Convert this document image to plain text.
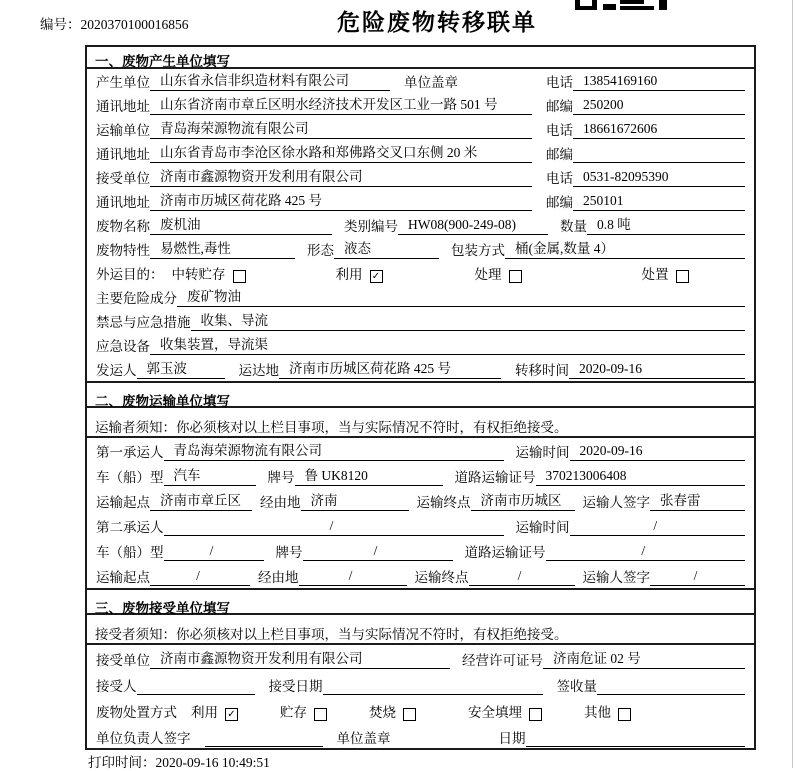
编号：2020370100016856	危险废物转移联单
一、废物产生单位填写
产生单位 山东省永信非织造材料有限公司	单位盖章	电话 13854169160
通讯地址 山东省济南市章丘区明水经济技术开发区工业一路 501 号	邮编 250200
运输单位 青岛海荣源物流有限公司	电话 18661672606
通讯地址 山东省青岛市李沧区徐水路和郑佛路交叉口东侧 20 米	邮编
接受单位 济南市鑫源物资开发利用有限公司	电话 0531-82095390
通讯地址 济南市历城区荷花路 425 号	邮编 250101
废物名称 废机油	类别编号 HW08(900-249-08)	数量 0.8 吨
废物特性 易燃性,毒性	形态 液态	包装方式 桶(金属,数量 4）
外运目的： 中转贮存	利用 ✓	处理	处置
主要危险成分 废矿物油
禁忌与应急措施 收集、导流
应急设备 收集装置，导流渠
发运人 郭玉波	运达地 济南市历城区荷花路 425 号	转移时间 2020-09-16
二、废物运输单位填写
运输者须知：你必须核对以上栏目事项，当与实际情况不符时，有权拒绝接受。
第一承运人 青岛海荣源物流有限公司	运输时间 2020-09-16
车（船）型 汽车	牌号 鲁 UK8120	道路运输证号 370213006408
运输起点 济南市章丘区	经由地 济南	运输终点 济南市历城区	运输人签字 张春雷
第二承运人	/	运输时间	/
车（船）型	/	牌号	/	道路运输证号	/
运输起点	/	经由地	/	运输终点	/	运输人签字	/
三、废物接受单位填写
接受者须知：你必须核对以上栏目事项，当与实际情况不符时，有权拒绝接受。
接受单位 济南市鑫源物资开发利用有限公司	经营许可证号 济南危证 02 号
接受人	接受日期	签收量
废物处置方式 利用 ✓	贮存	焚烧	安全填埋	其他
单位负责人签字	单位盖章	日期
打印时间：2020-09-16 10:49:51
